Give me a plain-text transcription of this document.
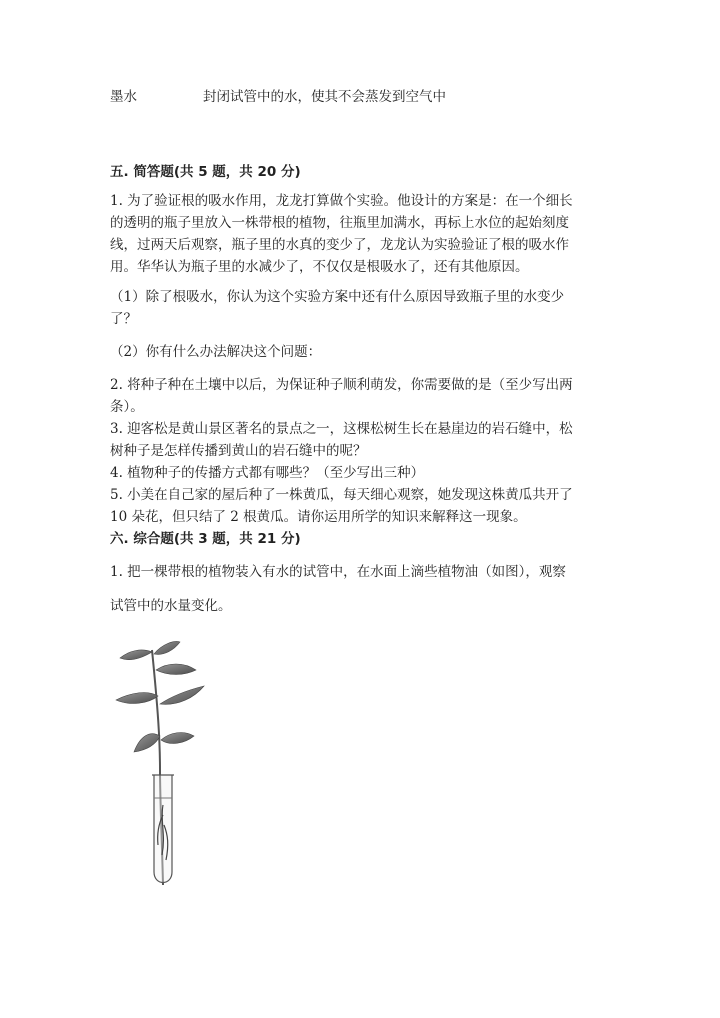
墨水	封闭试管中的水，使其不会蒸发到空气中
五. 简答题(共 5 题，共 20 分)

1. 为了验证根的吸水作用，龙龙打算做个实验。他设计的方案是：在一个细长

的透明的瓶子里放入一株带根的植物，往瓶里加满水，再标上水位的起始刻度

线，过两天后观察，瓶子里的水真的变少了，龙龙认为实验验证了根的吸水作

用。华华认为瓶子里的水减少了，不仅仅是根吸水了，还有其他原因。

（1）除了根吸水，你认为这个实验方案中还有什么原因导致瓶子里的水变少

了？

（2）你有什么办法解决这个问题：

2. 将种子种在土壤中以后，为保证种子顺利萌发，你需要做的是（至少写出两

条）。

3. 迎客松是黄山景区著名的景点之一，这棵松树生长在悬崖边的岩石缝中，松

树种子是怎样传播到黄山的岩石缝中的呢？

4. 植物种子的传播方式都有哪些？（至少写出三种）

5. 小美在自己家的屋后种了一株黄瓜，每天细心观察，她发现这株黄瓜共开了

10 朵花，但只结了 2 根黄瓜。请你运用所学的知识来解释这一现象。

六. 综合题(共 3 题，共 21 分)
1. 把一棵带根的植物装入有水的试管中，在水面上滴些植物油（如图），观察
试管中的水量变化。
